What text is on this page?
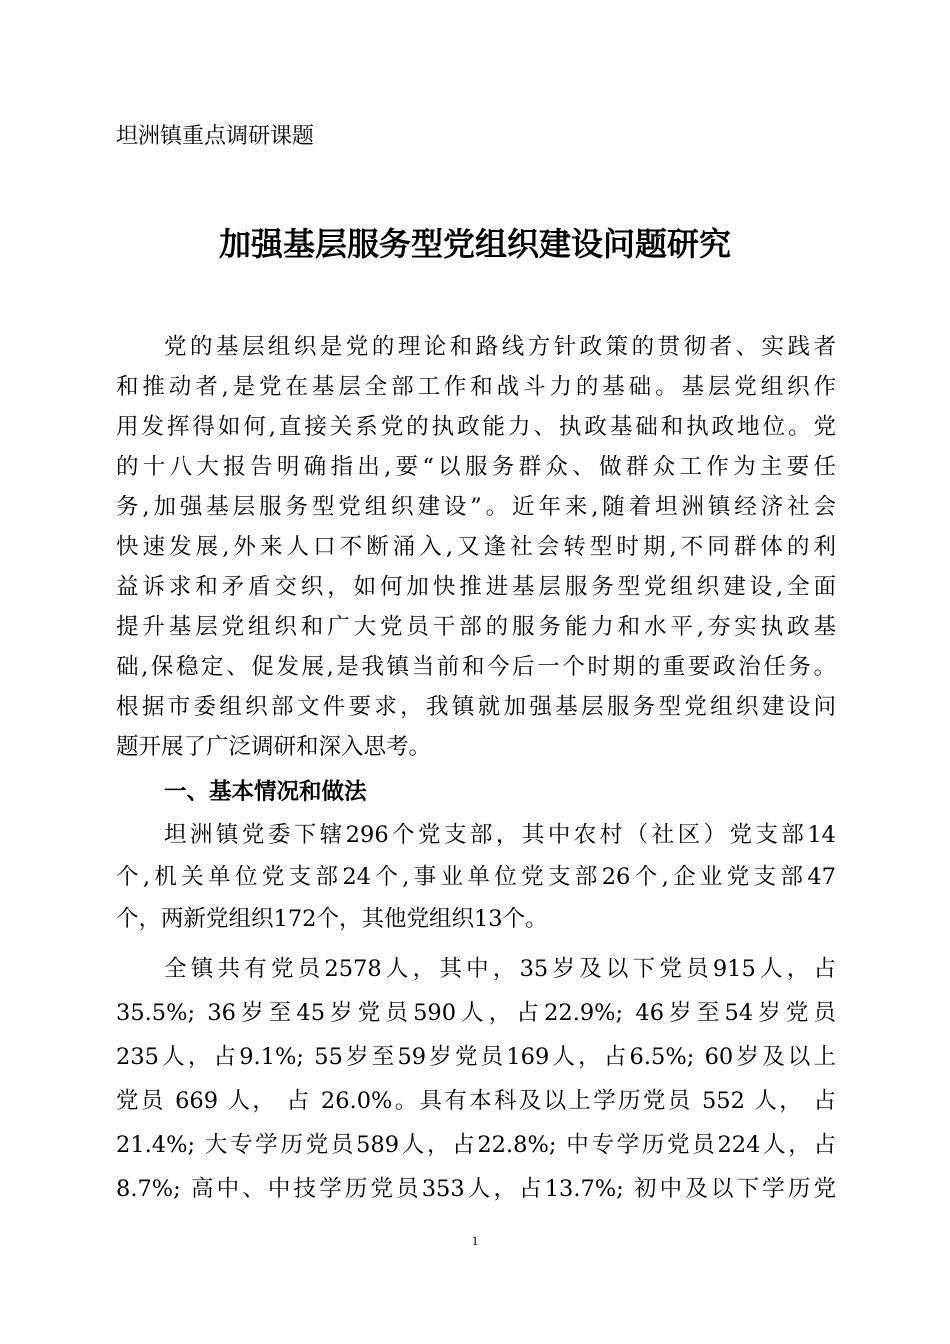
坦洲镇重点调研课题
加强基层服务型党组织建设问题研究
党的基层组织是党的理论和路线方针政策的贯彻者、实践者
和推动者,是党在基层全部工作和战斗力的基础。基层党组织作
用发挥得如何,直接关系党的执政能力、执政基础和执政地位。党
的十八大报告明确指出,要“以服务群众、做群众工作为主要任
务,加强基层服务型党组织建设”。近年来,随着坦洲镇经济社会
快速发展,外来人口不断涌入,又逢社会转型时期,不同群体的利
益诉求和矛盾交织，如何加快推进基层服务型党组织建设,全面
提升基层党组织和广大党员干部的服务能力和水平,夯实执政基
础,保稳定、促发展,是我镇当前和今后一个时期的重要政治任务。
根据市委组织部文件要求，我镇就加强基层服务型党组织建设问
题开展了广泛调研和深入思考。
一、基本情况和做法
坦洲镇党委下辖296个党支部，其中农村（社区）党支部14
个,机关单位党支部24个,事业单位党支部26个,企业党支部47
个，两新党组织172个，其他党组织13个。
全镇共有党员2578人，其中，35岁及以下党员915人，占
35.5%; 36岁至45岁党员590人，占22.9%; 46岁至54岁党员
235人，占9.1%; 55岁至59岁党员169人，占6.5%; 60岁及以上
党员 669 人， 占 26.0%。具有本科及以上学历党员 552 人， 占
21.4%; 大专学历党员589人，占22.8%; 中专学历党员224人，占
8.7%; 高中、中技学历党员353人，占13.7%; 初中及以下学历党
1
